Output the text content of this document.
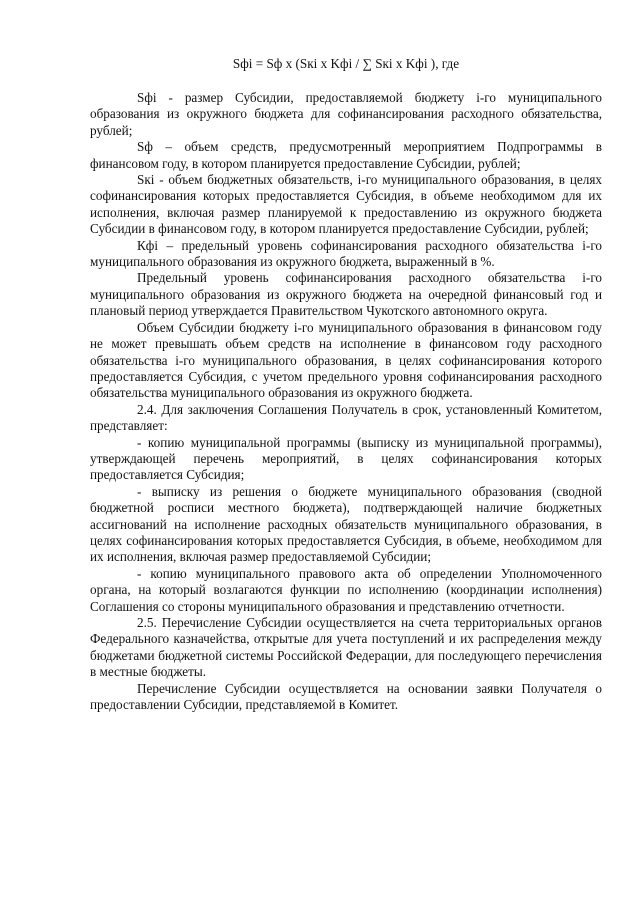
Sфi = Sф x (Sкi x Kфi / ∑ Sкi x Kфi ), где

Sфi - размер Субсидии, предоставляемой бюджету i-го муниципального образования из окружного бюджета для софинансирования расходного обязательства, рублей;

Sф – объем средств, предусмотренный мероприятием Подпрограммы в финансовом году, в котором планируется предоставление Субсидии, рублей;

Sкi - объем бюджетных обязательств, i-го муниципального образования, в целях софинансирования которых предоставляется Субсидия, в объеме необходимом для их исполнения, включая размер планируемой к предоставлению из окружного бюджета Субсидии в финансовом году, в котором планируется предоставление Субсидии, рублей;

Кфi – предельный уровень софинансирования расходного обязательства i-го муниципального образования из окружного бюджета, выраженный в %.

Предельный уровень софинансирования расходного обязательства i-го муниципального образования из окружного бюджета на очередной финансовый год и плановый период утверждается Правительством Чукотского автономного округа.

Объем Субсидии бюджету i-го муниципального образования в финансовом году не может превышать объем средств на исполнение в финансовом году расходного обязательства i-го муниципального образования, в целях софинансирования которого предоставляется Субсидия, с учетом предельного уровня софинансирования расходного обязательства муниципального образования из окружного бюджета.

2.4. Для заключения Соглашения Получатель в срок, установленный Комитетом, представляет:

- копию муниципальной программы (выписку из муниципальной программы), утверждающей перечень мероприятий, в целях софинансирования которых предоставляется Субсидия;

- выписку из решения о бюджете муниципального образования (сводной бюджетной росписи местного бюджета), подтверждающей наличие бюджетных ассигнований на исполнение расходных обязательств муниципального образования, в целях софинансирования которых предоставляется Субсидия, в объеме, необходимом для их исполнения, включая размер предоставляемой Субсидии;

- копию муниципального правового акта об определении Уполномоченного органа, на который возлагаются функции по исполнению (координации исполнения) Соглашения со стороны муниципального образования и представлению отчетности.

2.5. Перечисление Субсидии осуществляется на счета территориальных органов Федерального казначейства, открытые для учета поступлений и их распределения между бюджетами бюджетной системы Российской Федерации, для последующего перечисления в местные бюджеты.

Перечисление Субсидии осуществляется на основании заявки Получателя о предоставлении Субсидии, представляемой в Комитет.
